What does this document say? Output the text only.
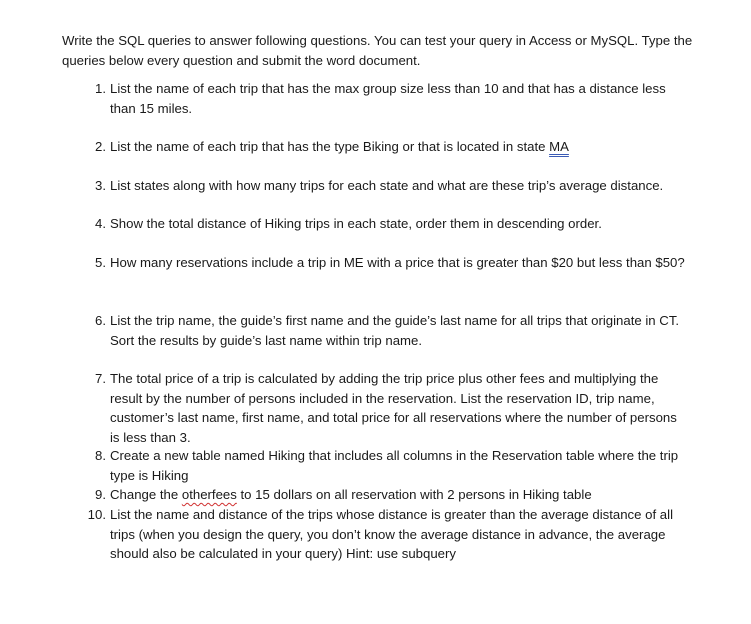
Write the SQL queries to answer following questions. You can test your query in Access or MySQL. Type the queries below every question and submit the word document.
1. List the name of each trip that has the max group size less than 10 and that has a distance less than 15 miles.
2. List the name of each trip that has the type Biking or that is located in state MA
3. List states along with how many trips for each state and what are these trip’s average distance.
4. Show the total distance of Hiking trips in each state, order them in descending order.
5. How many reservations include a trip in ME with a price that is greater than $20 but less than $50?
6. List the trip name, the guide’s first name and the guide’s last name for all trips that originate in CT. Sort the results by guide’s last name within trip name.
7. The total price of a trip is calculated by adding the trip price plus other fees and multiplying the result by the number of persons included in the reservation. List the reservation ID, trip name, customer’s last name, first name, and total price for all reservations where the number of persons is less than 3.
8. Create a new table named Hiking that includes all columns in the Reservation table where the trip type is Hiking
9. Change the otherfees to 15 dollars on all reservation with 2 persons in Hiking table
10. List the name and distance of the trips whose distance is greater than the average distance of all trips (when you design the query, you don’t know the average distance in advance, the average should also be calculated in your query) Hint: use subquery
